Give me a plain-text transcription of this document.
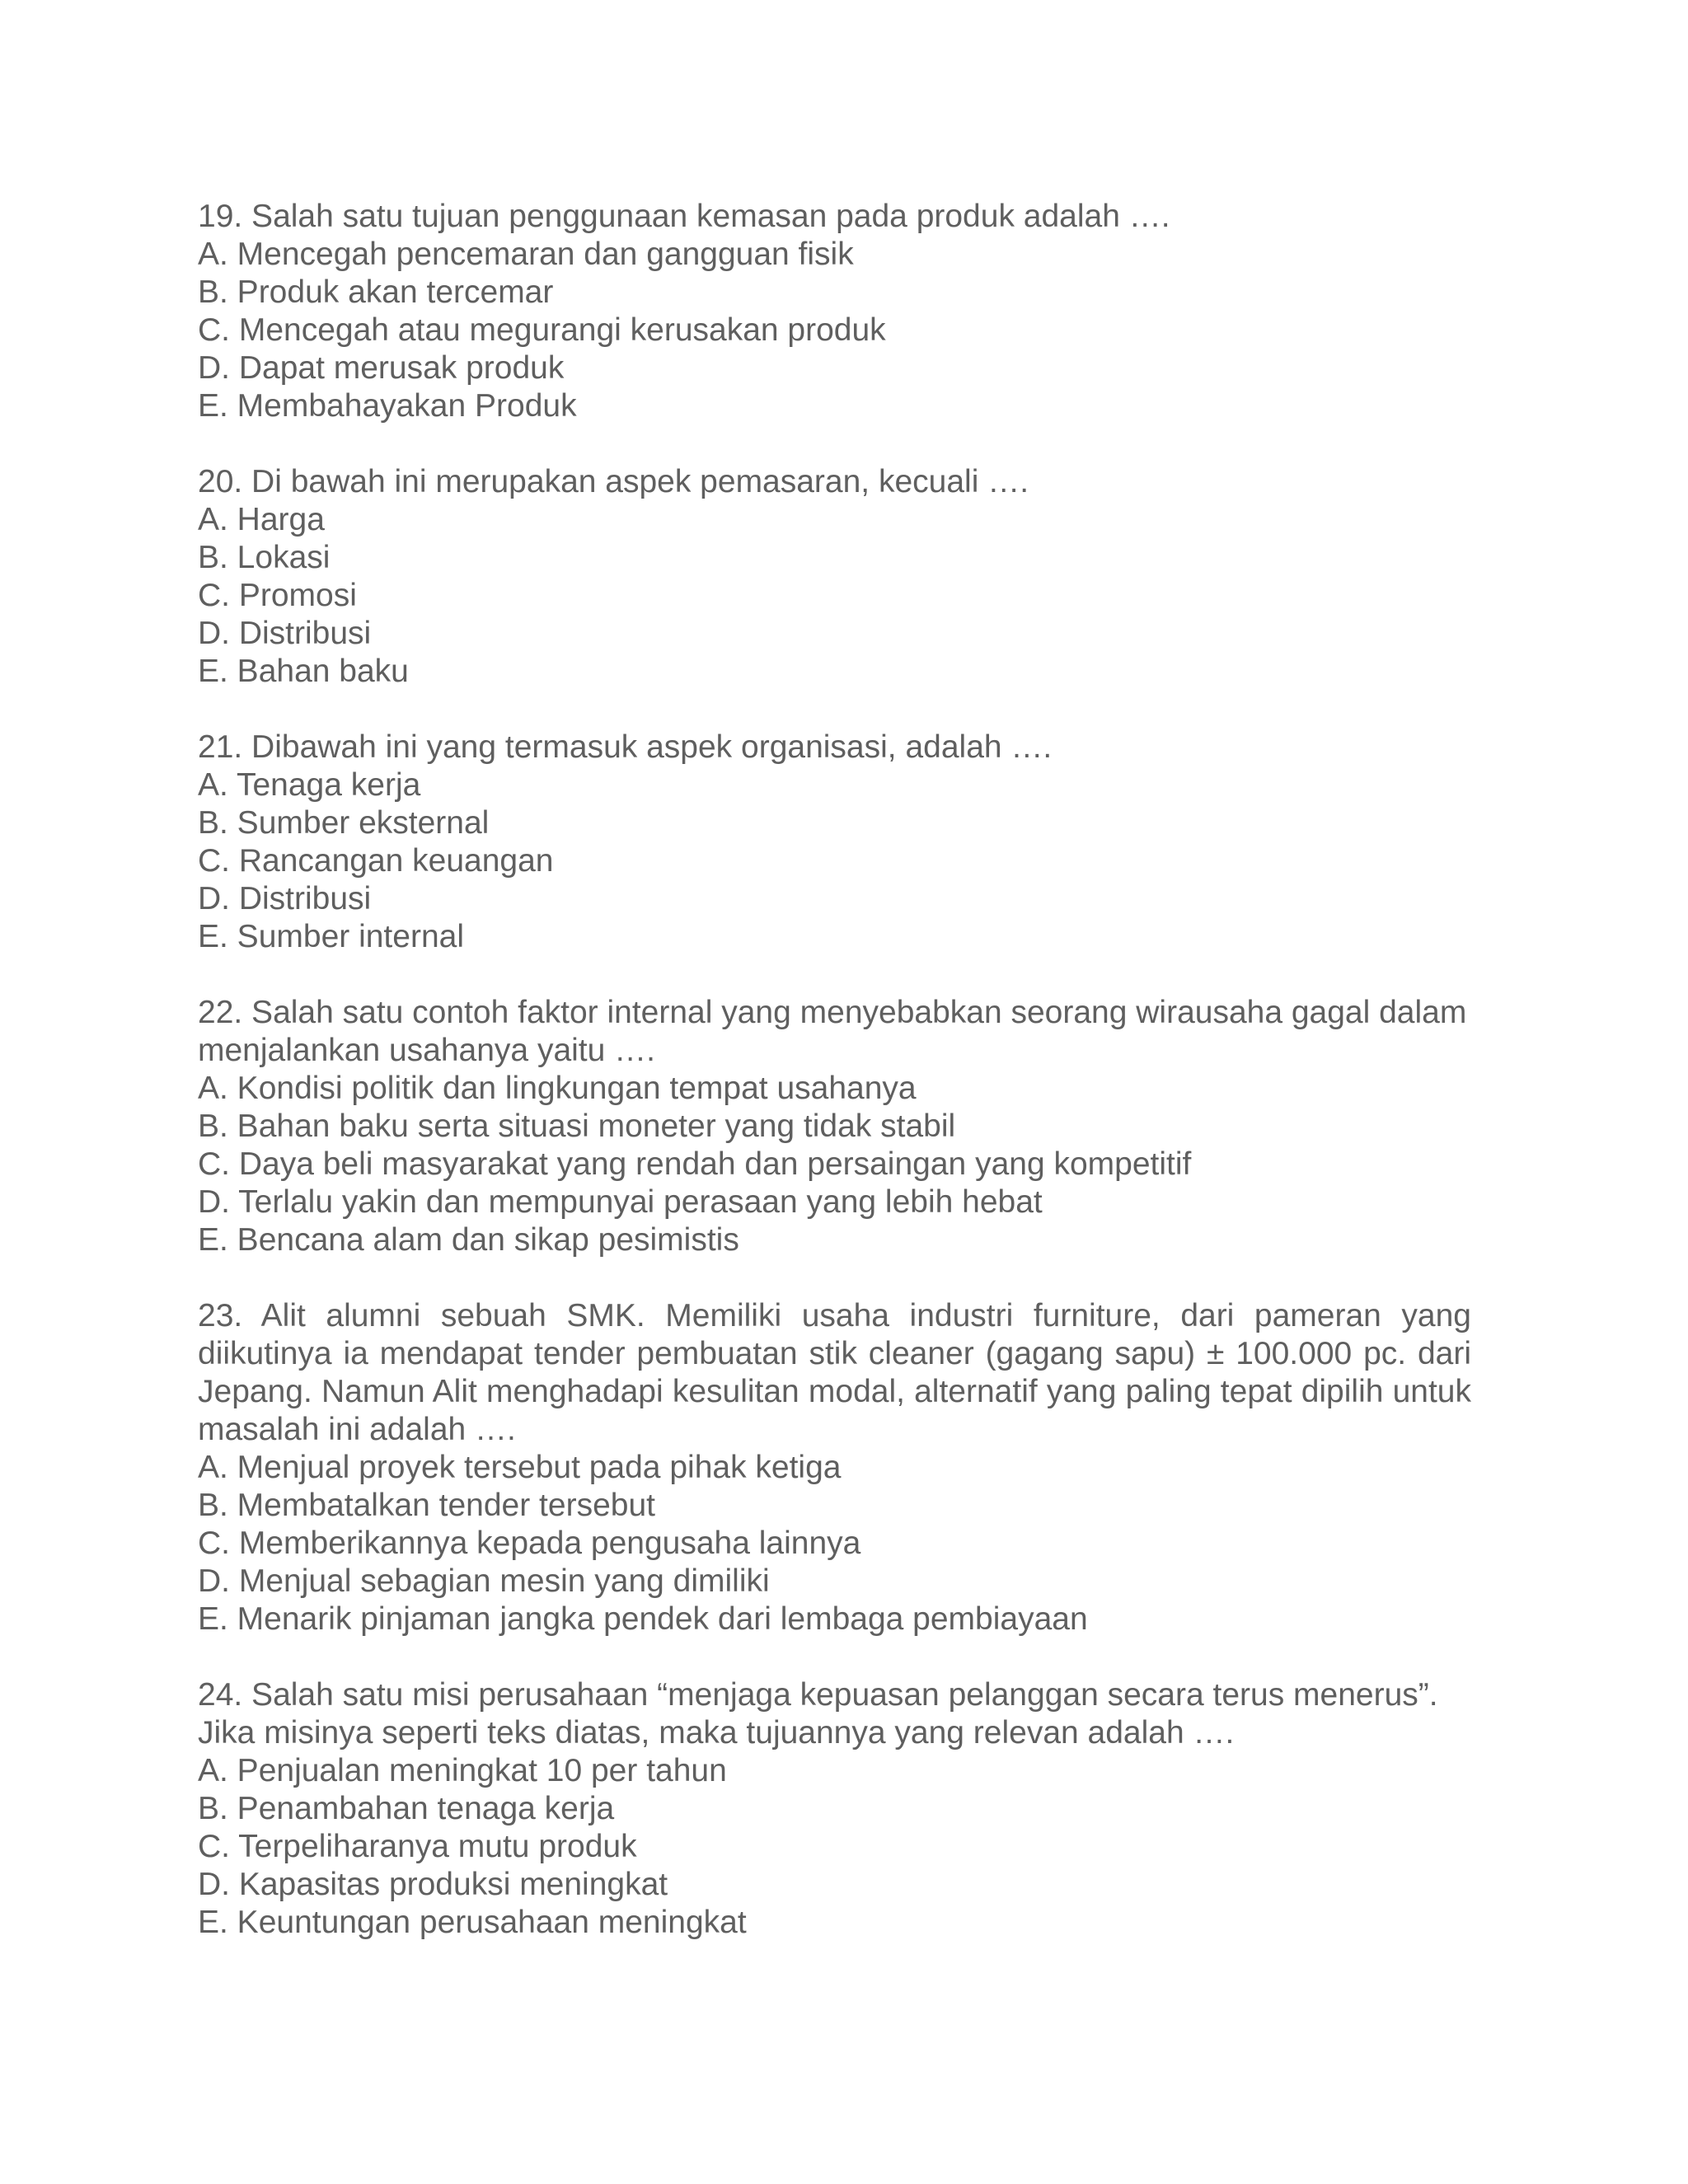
19. Salah satu tujuan penggunaan kemasan pada produk adalah ….

A. Mencegah pencemaran dan gangguan fisik
B. Produk akan tercemar
C. Mencegah atau megurangi kerusakan produk
D. Dapat merusak produk
E. Membahayakan Produk

20. Di bawah ini merupakan aspek pemasaran, kecuali ….

A. Harga
B. Lokasi
C. Promosi
D. Distribusi
E. Bahan baku

21. Dibawah ini yang termasuk aspek organisasi, adalah ….

A. Tenaga kerja
B. Sumber eksternal
C. Rancangan keuangan
D. Distribusi
E. Sumber internal

22. Salah satu contoh faktor internal yang menyebabkan seorang wirausaha gagal dalam menjalankan usahanya yaitu ….

A. Kondisi politik dan lingkungan tempat usahanya
B. Bahan baku serta situasi moneter yang tidak stabil
C. Daya beli masyarakat yang rendah dan persaingan yang kompetitif
D. Terlalu yakin dan mempunyai perasaan yang lebih hebat
E. Bencana alam dan sikap pesimistis

23. Alit alumni sebuah SMK. Memiliki usaha industri furniture, dari pameran yang diikutinya ia mendapat tender pembuatan stik cleaner (gagang sapu) ± 100.000 pc. dari Jepang. Namun Alit menghadapi kesulitan modal, alternatif yang paling tepat dipilih untuk masalah ini adalah ….

A. Menjual proyek tersebut pada pihak ketiga
B. Membatalkan tender tersebut
C. Memberikannya kepada pengusaha lainnya
D. Menjual sebagian mesin yang dimiliki
E. Menarik pinjaman jangka pendek dari lembaga pembiayaan

24. Salah satu misi perusahaan “menjaga kepuasan pelanggan secara terus menerus”. Jika misinya seperti teks diatas, maka tujuannya yang relevan adalah ….

A. Penjualan meningkat 10 per tahun
B. Penambahan tenaga kerja
C. Terpeliharanya mutu produk
D. Kapasitas produksi meningkat
E. Keuntungan perusahaan meningkat
